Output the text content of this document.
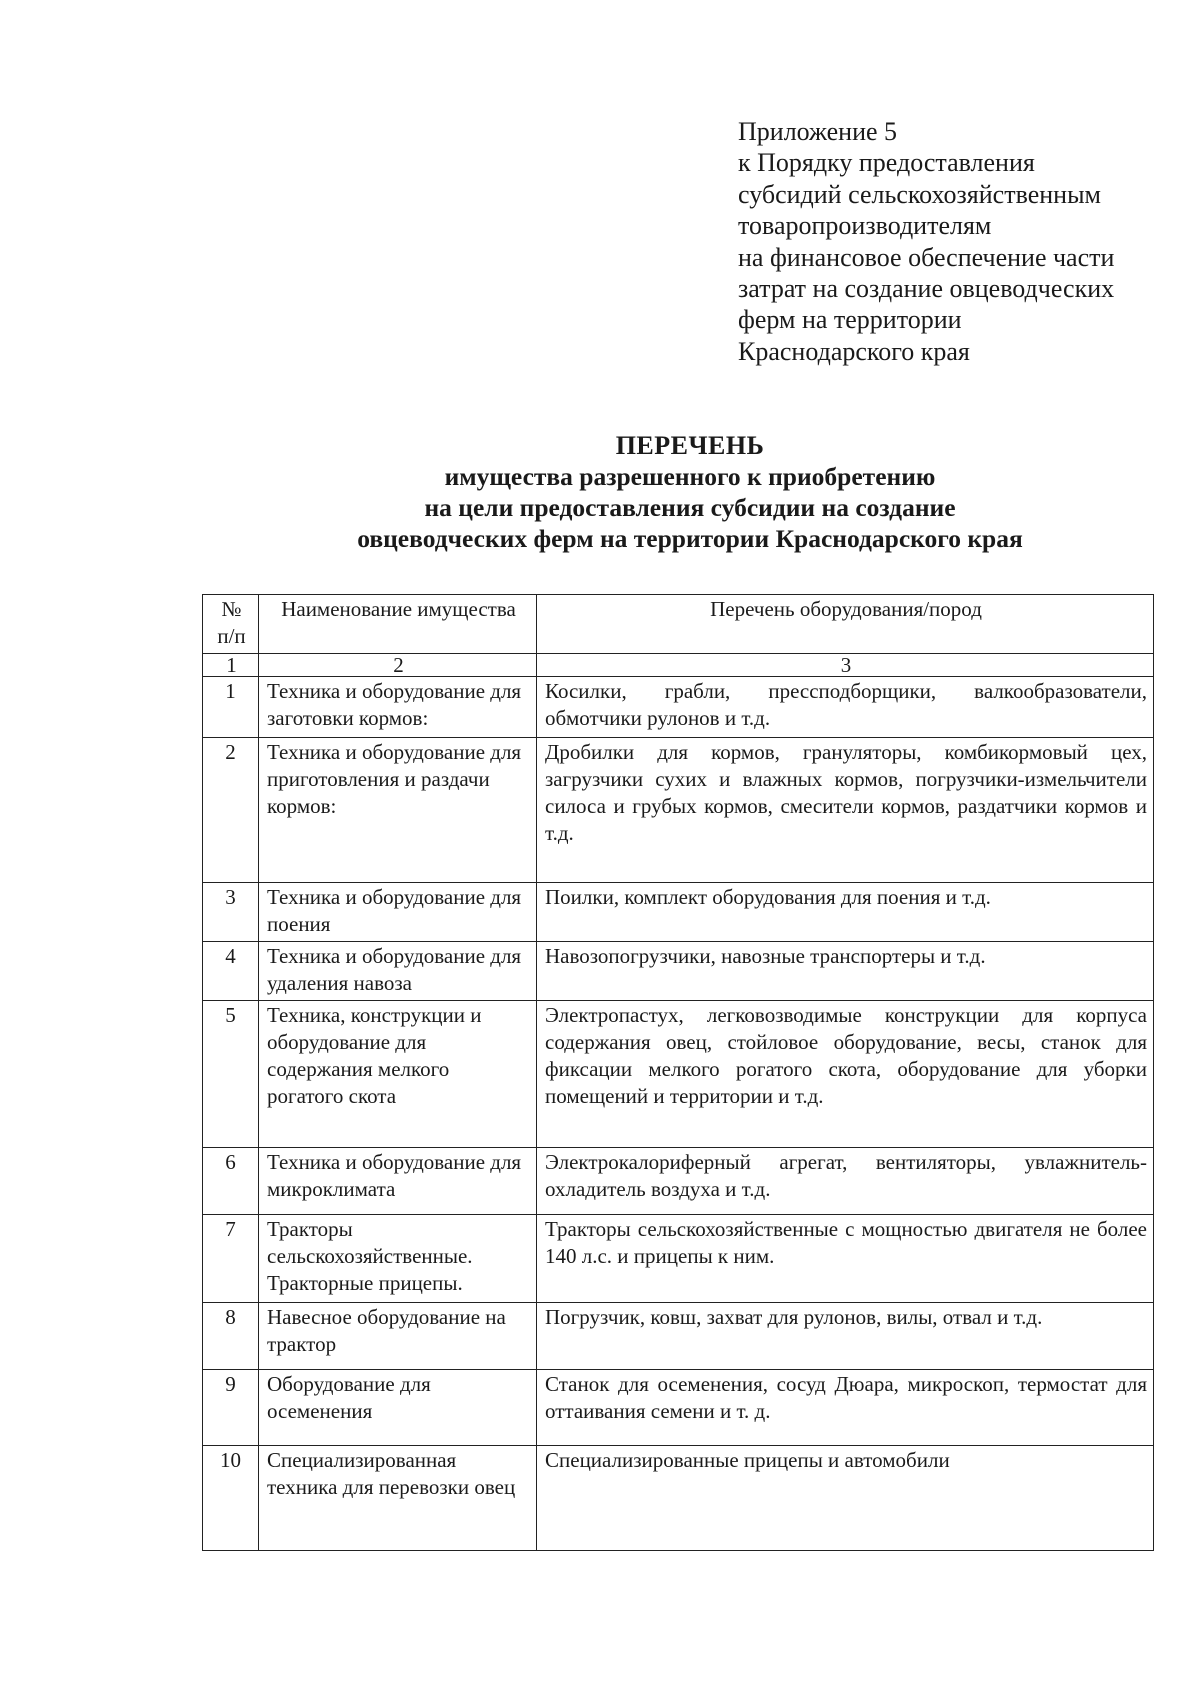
Приложение 5
к Порядку предоставления
субсидий сельскохозяйственным
товаропроизводителям
на финансовое обеспечение части
затрат на создание овцеводческих
ферм на территории
Краснодарского края
ПЕРЕЧЕНЬ
имущества разрешенного к приобретению
на цели предоставления субсидии на создание
овцеводческих ферм на территории Краснодарского края
№ п/п	Наименование имущества	Перечень оборудования/пород
1	2	3
1	Техника и оборудование для заготовки кормов:	Косилки, грабли, прессподборщики, валкообразователи, обмотчики рулонов и т.д.
2	Техника и оборудование для приготовления и раздачи кормов:	Дробилки для кормов, грануляторы, комбикормовый цех, загрузчики сухих и влажных кормов, погрузчики-измельчители силоса и грубых кормов, смесители кормов, раздатчики кормов и т.д.
3	Техника и оборудование для поения	Поилки, комплект оборудования для поения и т.д.
4	Техника и оборудование для удаления навоза	Навозопогрузчики, навозные транспортеры и т.д.
5	Техника, конструкции и оборудование для содержания мелкого рогатого скота	Электропастух, легковозводимые конструкции для корпуса содержания овец, стойловое оборудование, весы, станок для фиксации мелкого рогатого скота, оборудование для уборки помещений и территории и т.д.
6	Техника и оборудование для микроклимата	Электрокалориферный агрегат, вентиляторы, увлажнитель-охладитель воздуха и т.д.
7	Тракторы сельскохозяйственные. Тракторные прицепы.	Тракторы сельскохозяйственные с мощностью двигателя не более 140 л.с. и прицепы к ним.
8	Навесное оборудование на трактор	Погрузчик, ковш, захват для рулонов, вилы, отвал и т.д.
9	Оборудование для осеменения	Станок для осеменения, сосуд Дюара, микроскоп, термостат для оттаивания семени и т. д.
10	Специализированная техника для перевозки овец	Специализированные прицепы и автомобили
